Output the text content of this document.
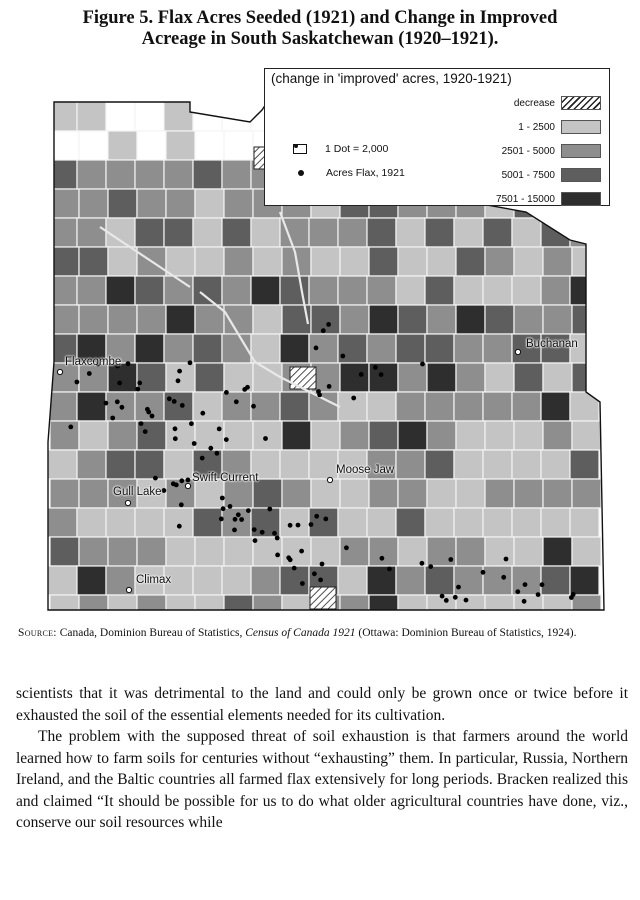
Figure 5. Flax Acres Seeded (1921) and Change in Improved
Acreage in South Saskatchewan (1920–1921).
(change in 'improved' acres, 1920-1921)
decrease
1 - 2500
2501 - 5000
5001 - 7500
7501 - 15000
1 Dot = 2,000
Acres Flax, 1921
Flaxcombe
Buchanan
Moose Jaw
Swift Current
Gull Lake
Climax
Source: Canada, Dominion Bureau of Statistics, Census of Canada 1921 (Ottawa: Dominion Bureau of Statistics, 1924).

scientists that it was detrimental to the land and could only be grown once or twice before it exhausted the soil of the essential elements needed for its cultivation.

The problem with the supposed threat of soil exhaustion is that farmers around the world learned how to farm soils for centuries without “exhausting” them. In particular, Russia, Northern Ireland, and the Baltic countries all farmed flax extensively for long periods. Bracken realized this and claimed “It should be possible for us to do what older agricultural countries have done, viz., conserve our soil resources while
